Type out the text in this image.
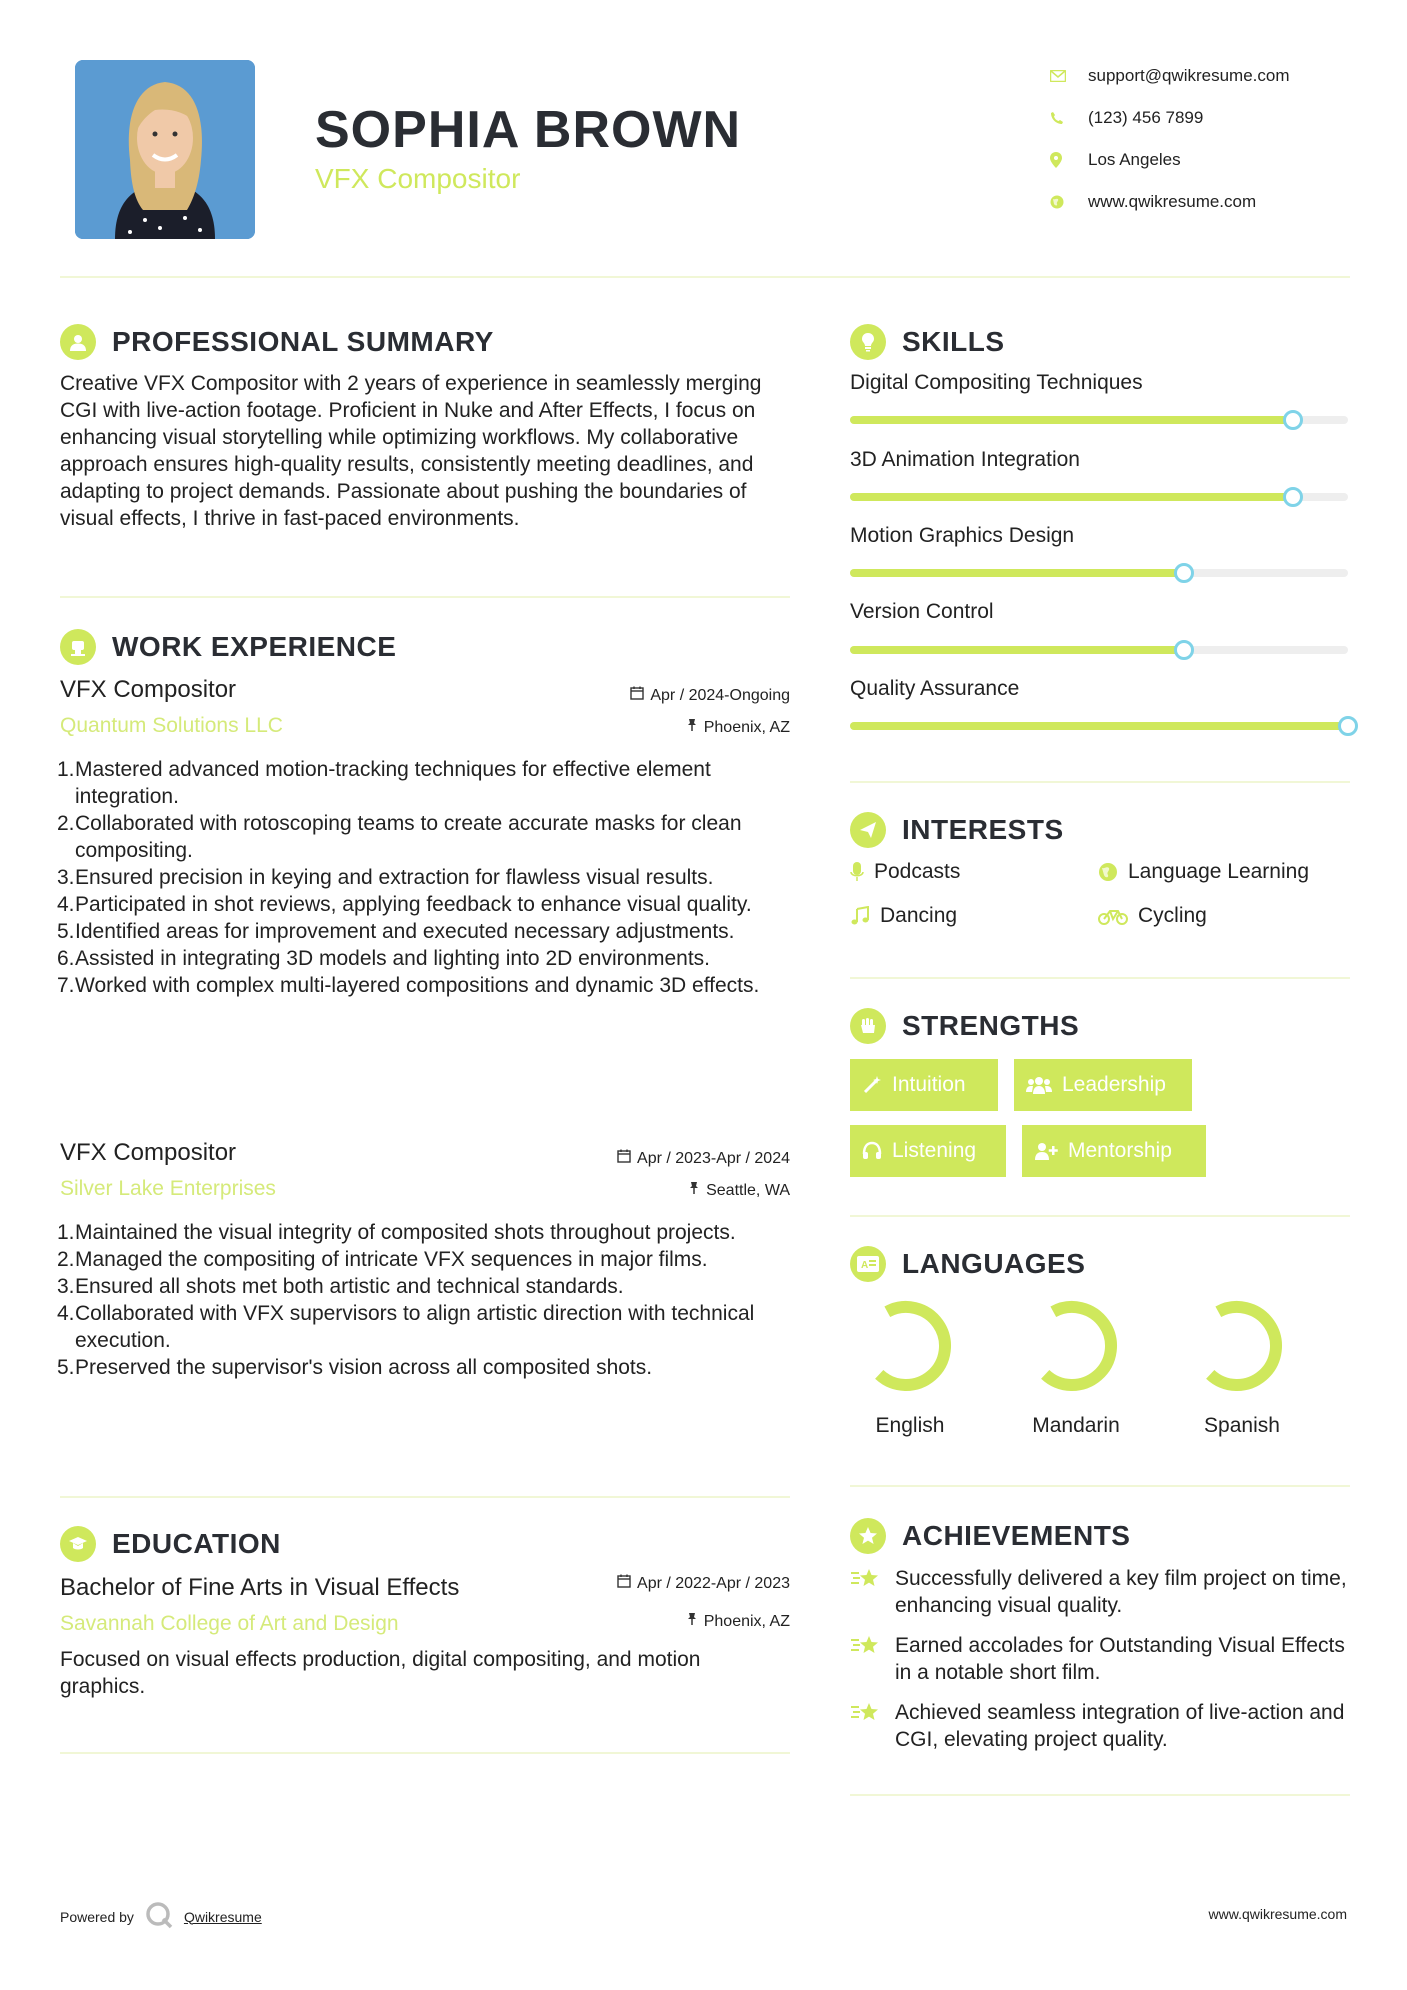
SOPHIA BROWN
VFX Compositor
support@qwikresume.com
(123) 456 7899
Los Angeles
www.qwikresume.com
PROFESSIONAL SUMMARY
Creative VFX Compositor with 2 years of experience in seamlessly merging CGI with live-action footage. Proficient in Nuke and After Effects, I focus on enhancing visual storytelling while optimizing workflows. My collaborative approach ensures high-quality results, consistently meeting deadlines, and adapting to project demands. Passionate about pushing the boundaries of visual effects, I thrive in fast-paced environments.
WORK EXPERIENCE
VFX Compositor	Apr / 2024-Ongoing
Quantum Solutions LLC	Phoenix, AZ
1. Mastered advanced motion-tracking techniques for effective element integration.
2. Collaborated with rotoscoping teams to create accurate masks for clean compositing.
3. Ensured precision in keying and extraction for flawless visual results.
4. Participated in shot reviews, applying feedback to enhance visual quality.
5. Identified areas for improvement and executed necessary adjustments.
6. Assisted in integrating 3D models and lighting into 2D environments.
7. Worked with complex multi-layered compositions and dynamic 3D effects.
VFX Compositor	Apr / 2023-Apr / 2024
Silver Lake Enterprises	Seattle, WA
1. Maintained the visual integrity of composited shots throughout projects.
2. Managed the compositing of intricate VFX sequences in major films.
3. Ensured all shots met both artistic and technical standards.
4. Collaborated with VFX supervisors to align artistic direction with technical execution.
5. Preserved the supervisor's vision across all composited shots.
EDUCATION
Bachelor of Fine Arts in Visual Effects	Apr / 2022-Apr / 2023
Savannah College of Art and Design	Phoenix, AZ
Focused on visual effects production, digital compositing, and motion graphics.
SKILLS
Digital Compositing Techniques
3D Animation Integration
Motion Graphics Design
Version Control
Quality Assurance
INTERESTS
Podcasts	Language Learning
Dancing	Cycling
STRENGTHS
Intuition	Leadership
Listening	Mentorship
A LANGUAGES
English	Mandarin	Spanish
ACHIEVEMENTS
Successfully delivered a key film project on time, enhancing visual quality.
Earned accolades for Outstanding Visual Effects in a notable short film.
Achieved seamless integration of live-action and CGI, elevating project quality.
Powered by	Qwikresume	www.qwikresume.com
